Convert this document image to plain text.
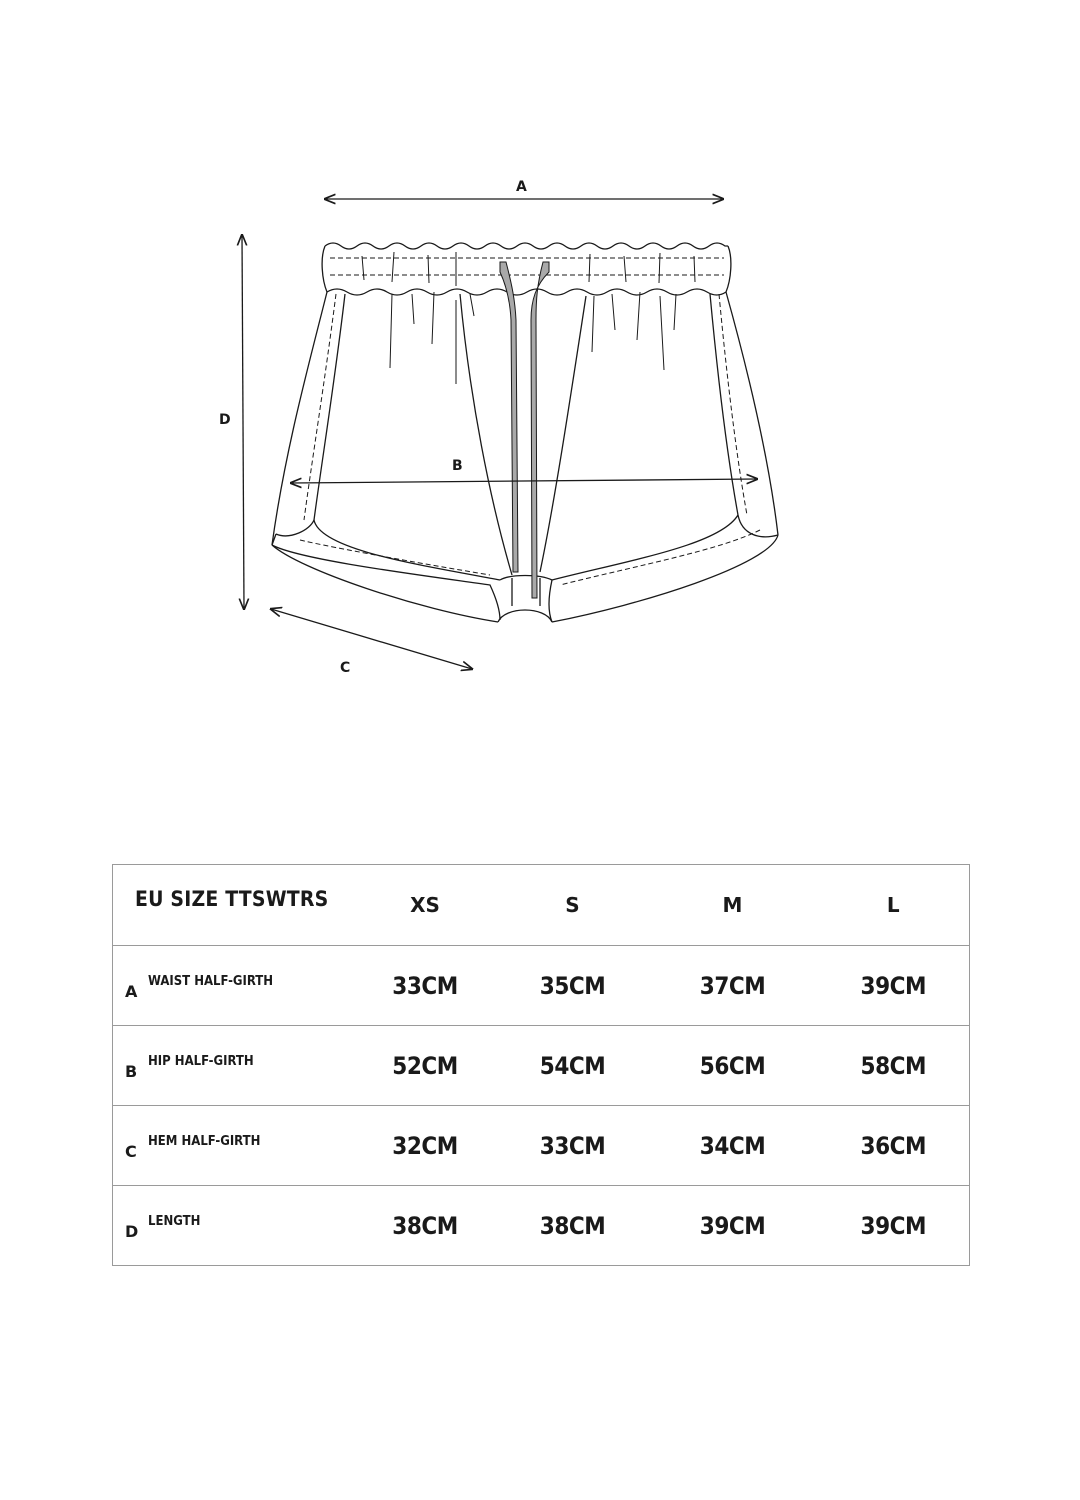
A
B
C
D
EU SIZE TTSWTRS	XS	S	M	L

A
WAIST HALF-GIRTH	33CM	35CM	37CM	39CM

B
HIP HALF-GIRTH	52CM	54CM	56CM	58CM

C
HEM HALF-GIRTH	32CM	33CM	34CM	36CM

D
LENGTH	38CM	38CM	39CM	39CM
